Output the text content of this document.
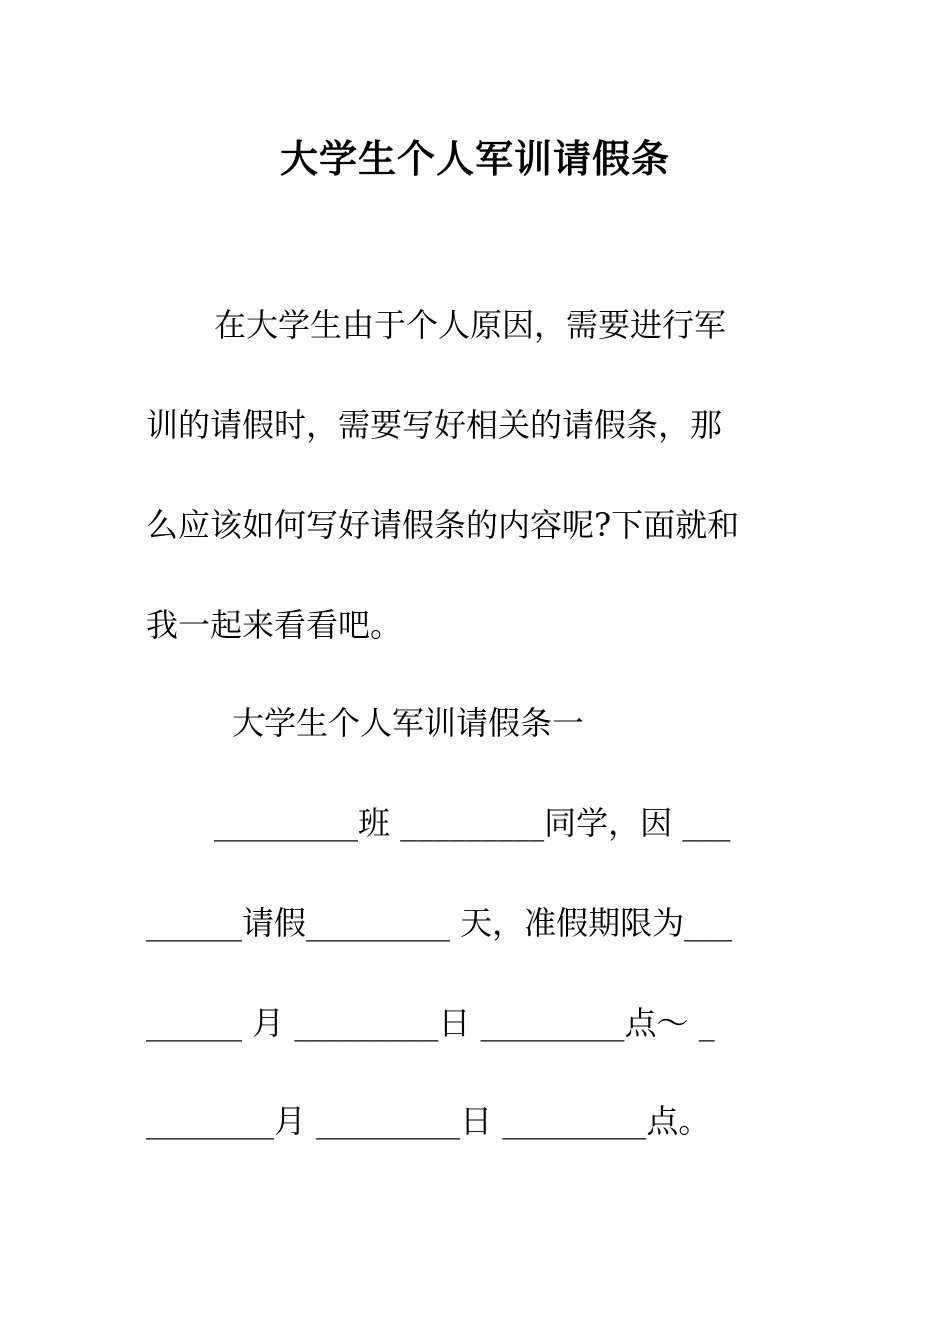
大学生个人军训请假条
在大学生由于个人原因，需要进行军
训的请假时，需要写好相关的请假条，那
么应该如何写好请假条的内容呢?下面就和
我一起来看看吧。
大学生个人军训请假条一
_________班 _________同学，因 ___
______请假_________ 天，准假期限为___
______ 月 _________日 _________点～ _
________月 _________日 _________点。
